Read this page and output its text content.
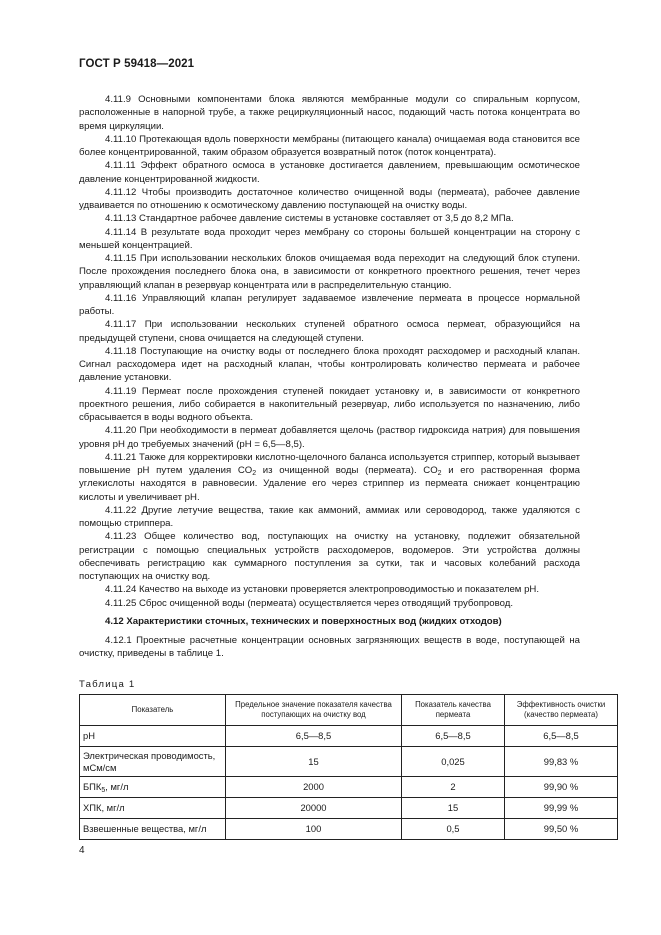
ГОСТ Р 59418—2021

4.11.9 Основными компонентами блока являются мембранные модули со спиральным корпусом, расположенные в напорной трубе, а также рециркуляционный насос, подающий часть потока концентрата во время циркуляции.

4.11.10 Протекающая вдоль поверхности мембраны (питающего канала) очищаемая вода становится все более концентрированной, таким образом образуется возвратный поток (поток концентрата).

4.11.11 Эффект обратного осмоса в установке достигается давлением, превышающим осмотическое давление концентрированной жидкости.

4.11.12 Чтобы производить достаточное количество очищенной воды (пермеата), рабочее давление удваивается по отношению к осмотическому давлению поступающей на очистку воды.

4.11.13 Стандартное рабочее давление системы в установке составляет от 3,5 до 8,2 МПа.

4.11.14 В результате вода проходит через мембрану со стороны большей концентрации на сторону с меньшей концентрацией.

4.11.15 При использовании нескольких блоков очищаемая вода переходит на следующий блок ступени. После прохождения последнего блока она, в зависимости от конкретного проектного решения, течет через управляющий клапан в резервуар концентрата или в распределительную станцию.

4.11.16 Управляющий клапан регулирует задаваемое извлечение пермеата в процессе нормальной работы.

4.11.17 При использовании нескольких ступеней обратного осмоса пермеат, образующийся на предыдущей ступени, снова очищается на следующей ступени.

4.11.18 Поступающие на очистку воды от последнего блока проходят расходомер и расходный клапан. Сигнал расходомера идет на расходный клапан, чтобы контролировать количество пермеата и рабочее давление установки.

4.11.19 Пермеат после прохождения ступеней покидает установку и, в зависимости от конкретного проектного решения, либо собирается в накопительный резервуар, либо используется по назначению, либо сбрасывается в воды водного объекта.

4.11.20 При необходимости в пермеат добавляется щелочь (раствор гидроксида натрия) для повышения уровня pH до требуемых значений (pH = 6,5—8,5).

4.11.21 Также для корректировки кислотно-щелочного баланса используется стриппер, который вызывает повышение pH путем удаления $CO_2$ из очищенной воды (пермеата). $CO_2$ и его растворенная форма углекислоты находятся в равновесии. Удаление его через стриппер из пермеата снижает концентрацию кислоты и увеличивает pH.

4.11.22 Другие летучие вещества, такие как аммоний, аммиак или сероводород, также удаляются с помощью стриппера.

4.11.23 Общее количество вод, поступающих на очистку на установку, подлежит обязательной регистрации с помощью специальных устройств расходомеров, водомеров. Эти устройства должны обеспечивать регистрацию как суммарного поступления за сутки, так и часовых колебаний расхода поступающих на очистку вод.

4.11.24 Качество на выходе из установки проверяется электропроводимостью и показателем pH.

4.11.25 Сброс очищенной воды (пермеата) осуществляется через отводящий трубопровод.

4.12 Характеристики сточных, технических и поверхностных вод (жидких отходов)

4.12.1 Проектные расчетные концентрации основных загрязняющих веществ в воде, поступающей на очистку, приведены в таблице 1.

Таблица 1
Показатель	Предельное значение показателя качества поступающих на очистку вод	Показатель качества пермеата	Эффективность очистки (качество пермеата)
pH	6,5—8,5	6,5—8,5	6,5—8,5
Электрическая проводимость, мСм/см	15	0,025	99,83 %
$БПК_5$, мг/л	2000	2	99,90 %
ХПК, мг/л	20000	15	99,99 %
Взвешенные вещества, мг/л	100	0,5	99,50 %
4
